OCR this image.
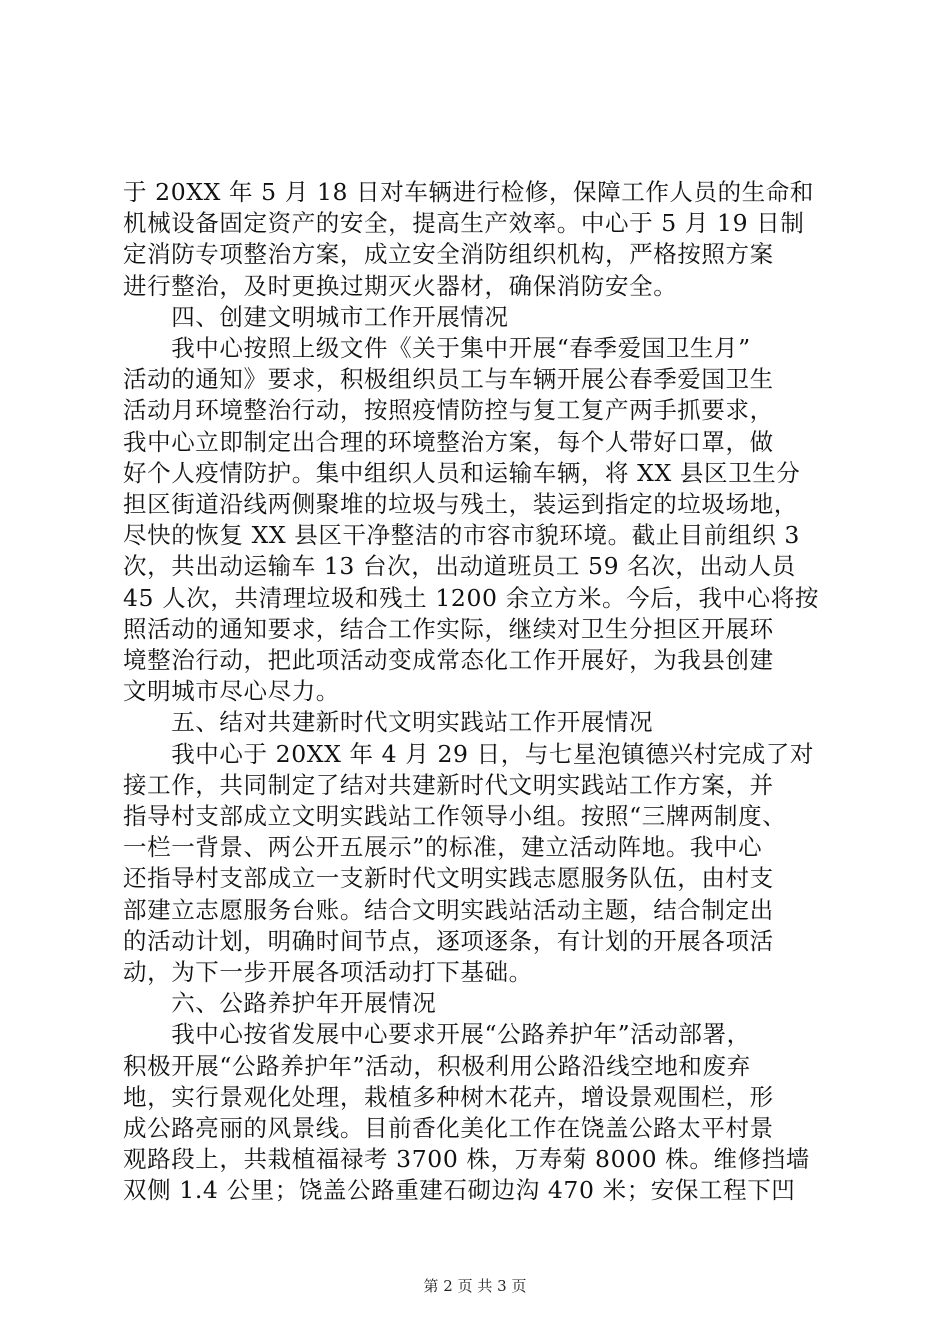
于 20XX 年 5 月 18 日对车辆进行检修，保障工作人员的生命和
机械设备固定资产的安全，提高生产效率。中心于 5 月 19 日制
定消防专项整治方案，成立安全消防组织机构，严格按照方案
进行整治，及时更换过期灭火器材，确保消防安全。
　　四、创建文明城市工作开展情况
　　我中心按照上级文件《关于集中开展“春季爱国卫生月”
活动的通知》要求，积极组织员工与车辆开展公春季爱国卫生
活动月环境整治行动，按照疫情防控与复工复产两手抓要求，
我中心立即制定出合理的环境整治方案，每个人带好口罩，做
好个人疫情防护。集中组织人员和运输车辆，将 XX 县区卫生分
担区街道沿线两侧聚堆的垃圾与残土，装运到指定的垃圾场地，
尽快的恢复 XX 县区干净整洁的市容市貌环境。截止目前组织 3
次，共出动运输车 13 台次，出动道班员工 59 名次，出动人员
45 人次，共清理垃圾和残土 1200 余立方米。今后，我中心将按
照活动的通知要求，结合工作实际，继续对卫生分担区开展环
境整治行动，把此项活动变成常态化工作开展好，为我县创建
文明城市尽心尽力。
　　五、结对共建新时代文明实践站工作开展情况
　　我中心于 20XX 年 4 月 29 日，与七星泡镇德兴村完成了对
接工作，共同制定了结对共建新时代文明实践站工作方案，并
指导村支部成立文明实践站工作领导小组。按照“三牌两制度、
一栏一背景、两公开五展示”的标准，建立活动阵地。我中心
还指导村支部成立一支新时代文明实践志愿服务队伍，由村支
部建立志愿服务台账。结合文明实践站活动主题，结合制定出
的活动计划，明确时间节点，逐项逐条，有计划的开展各项活
动，为下一步开展各项活动打下基础。
　　六、公路养护年开展情况
　　我中心按省发展中心要求开展“公路养护年”活动部署，
积极开展“公路养护年”活动，积极利用公路沿线空地和废弃
地，实行景观化处理，栽植多种树木花卉，增设景观围栏，形
成公路亮丽的风景线。目前香化美化工作在饶盖公路太平村景
观路段上，共栽植福禄考 3700 株，万寿菊 8000 株。维修挡墙
双侧 1.4 公里；饶盖公路重建石砌边沟 470 米；安保工程下凹
第 2 页 共 3 页
